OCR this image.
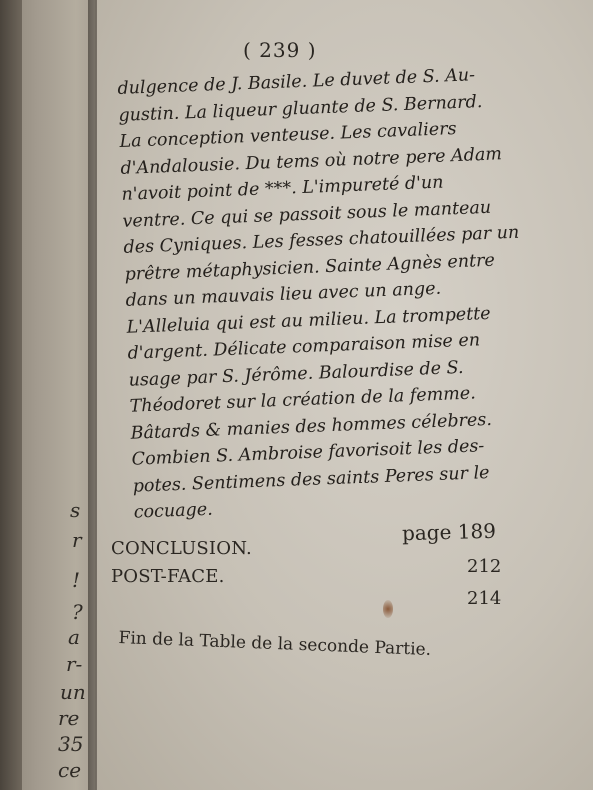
s
r
!
?
a
r-
un
re
35
ce
( 239 )
dulgence de J. Basile. Le duvet de S. Au-
gustin. La liqueur gluante de S. Bernard.
La conception venteuse. Les cavaliers
d'Andalousie. Du tems où notre pere Adam
n'avoit point de ***. L'impureté d'un
ventre. Ce qui se passoit sous le manteau
des Cyniques. Les fesses chatouillées par un
prêtre métaphysicien. Sainte Agnès entre
dans un mauvais lieu avec un ange.
L'Alleluia qui est au milieu. La trompette
d'argent. Délicate comparaison mise en
usage par S. Jérôme. Balourdise de S.
Théodoret sur la création de la femme.
Bâtards & manies des hommes célebres.
Combien S. Ambroise favorisoit les des-
potes. Sentimens des saints Peres sur le
cocuage.
page 189
CONCLUSION.
212
POST-FACE.
214
Fin de la Table de la seconde Partie.
